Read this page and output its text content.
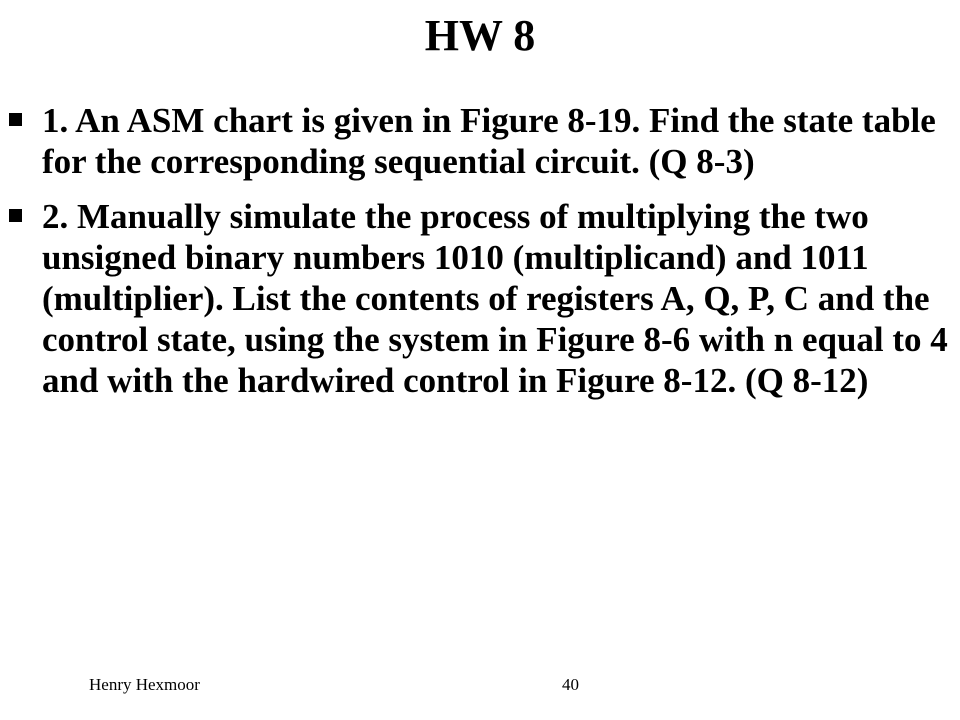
HW 8
1. An ASM chart is given in Figure 8-19. Find the state table for the corresponding sequential circuit. (Q 8-3)
2. Manually simulate the process of multiplying the two unsigned binary numbers 1010 (multiplicand) and 1011 (multiplier). List the contents of registers A, Q, P, C and the control state, using the system in Figure 8-6 with n equal to 4 and with the hardwired control in Figure 8-12. (Q 8-12)
Henry Hexmoor	40
